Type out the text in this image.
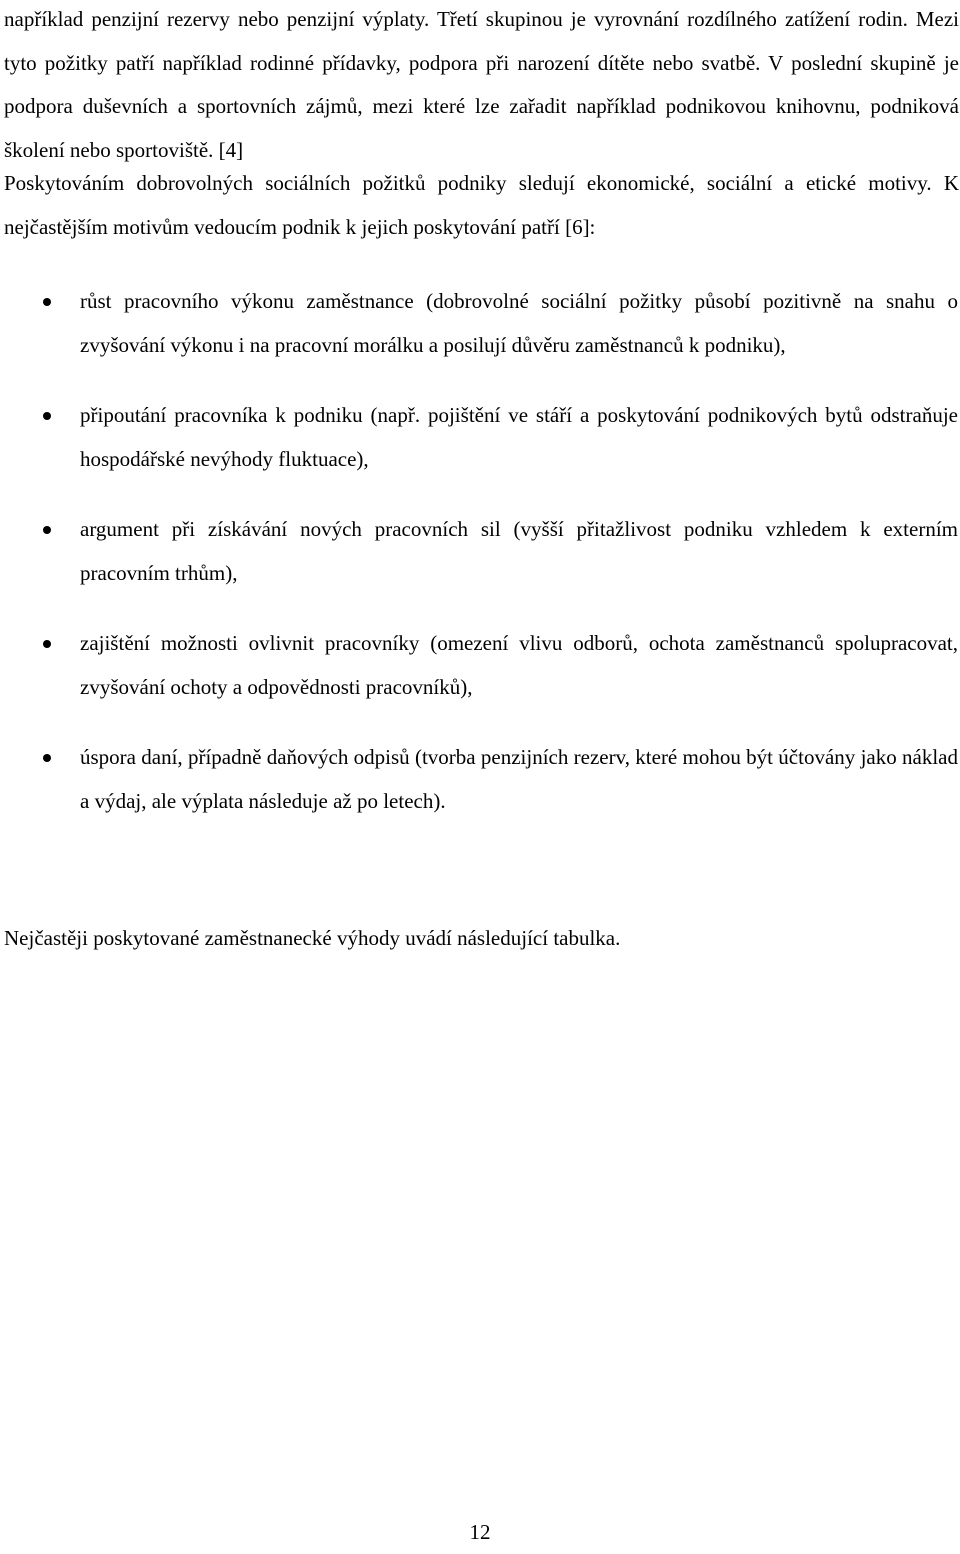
například penzijní rezervy nebo penzijní výplaty. Třetí skupinou je vyrovnání rozdílného zatížení rodin. Mezi tyto požitky patří například rodinné přídavky, podpora při narození dítěte nebo svatbě. V poslední skupině je podpora duševních a sportovních zájmů, mezi které lze zařadit například podnikovou knihovnu, podniková školení nebo sportoviště. [4]

Poskytováním dobrovolných sociálních požitků podniky sledují ekonomické, sociální a etické motivy. K nejčastějším motivům vedoucím podnik k jejich poskytování patří [6]:

růst pracovního výkonu zaměstnance (dobrovolné sociální požitky působí pozitivně na snahu o zvyšování výkonu i na pracovní morálku a posilují důvěru zaměstnanců k podniku),
připoutání pracovníka k podniku (např. pojištění ve stáří a poskytování podnikových bytů odstraňuje hospodářské nevýhody fluktuace),
argument při získávání nových pracovních sil (vyšší přitažlivost podniku vzhledem k externím pracovním trhům),
zajištění možnosti ovlivnit pracovníky (omezení vlivu odborů, ochota zaměstnanců spolupracovat, zvyšování ochoty a odpovědnosti pracovníků),
úspora daní, případně daňových odpisů (tvorba penzijních rezerv, které mohou být účtovány jako náklad a výdaj, ale výplata následuje až po letech).

Nejčastěji poskytované zaměstnanecké výhody uvádí následující tabulka.

12
